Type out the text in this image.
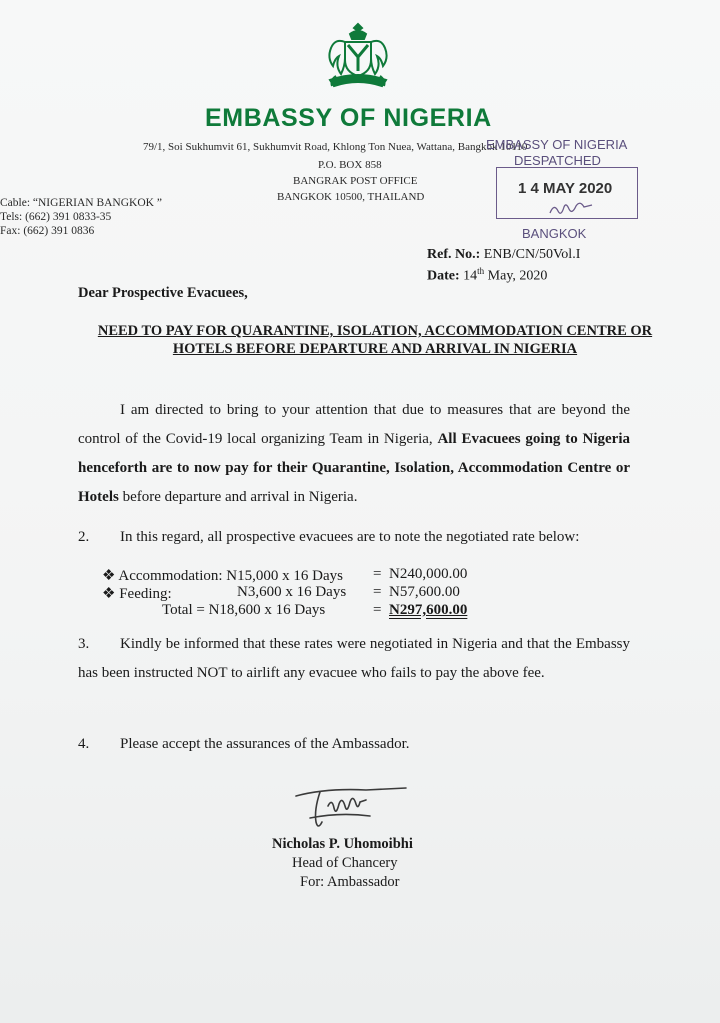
EMBASSY OF NIGERIA
79/1, Soi Sukhumvit 61, Sukhumvit Road, Khlong Ton Nuea, Wattana, Bangkok 10110
P.O. BOX 858
BANGRAK POST OFFICE
BANGKOK 10500, THAILAND
Cable: “NIGERIAN BANGKOK ”
Tels: (662) 391 0833-35
Fax: (662) 391 0836
EMBASSY OF NIGERIA
DESPATCHED
1 4 MAY 2020
BANGKOK
Ref. No.: ENB/CN/50Vol.I
Date: 14th May, 2020
Dear Prospective Evacuees,
NEED TO PAY FOR QUARANTINE, ISOLATION, ACCOMMODATION CENTRE OR HOTELS BEFORE DEPARTURE AND ARRIVAL IN NIGERIA
I am directed to bring to your attention that due to measures that are beyond the control of the Covid-19 local organizing Team in Nigeria, All Evacuees going to Nigeria henceforth are to now pay for their Quarantine, Isolation, Accommodation Centre or Hotels before departure and arrival in Nigeria.
2. In this regard, all prospective evacuees are to note the negotiated rate below:
❖ Accommodation: N15,000 x 16 Days = N240,000.00
❖ Feeding:	N3,600 x 16 Days = N57,600.00
Total = N18,600 x 16 Days	= N297,600.00
3.	Kindly be informed that these rates were negotiated in Nigeria and that the Embassy has been instructed NOT to airlift any evacuee who fails to pay the above fee.
4. Please accept the assurances of the Ambassador.
Nicholas P. Uhomoibhi
Head of Chancery
For: Ambassador
